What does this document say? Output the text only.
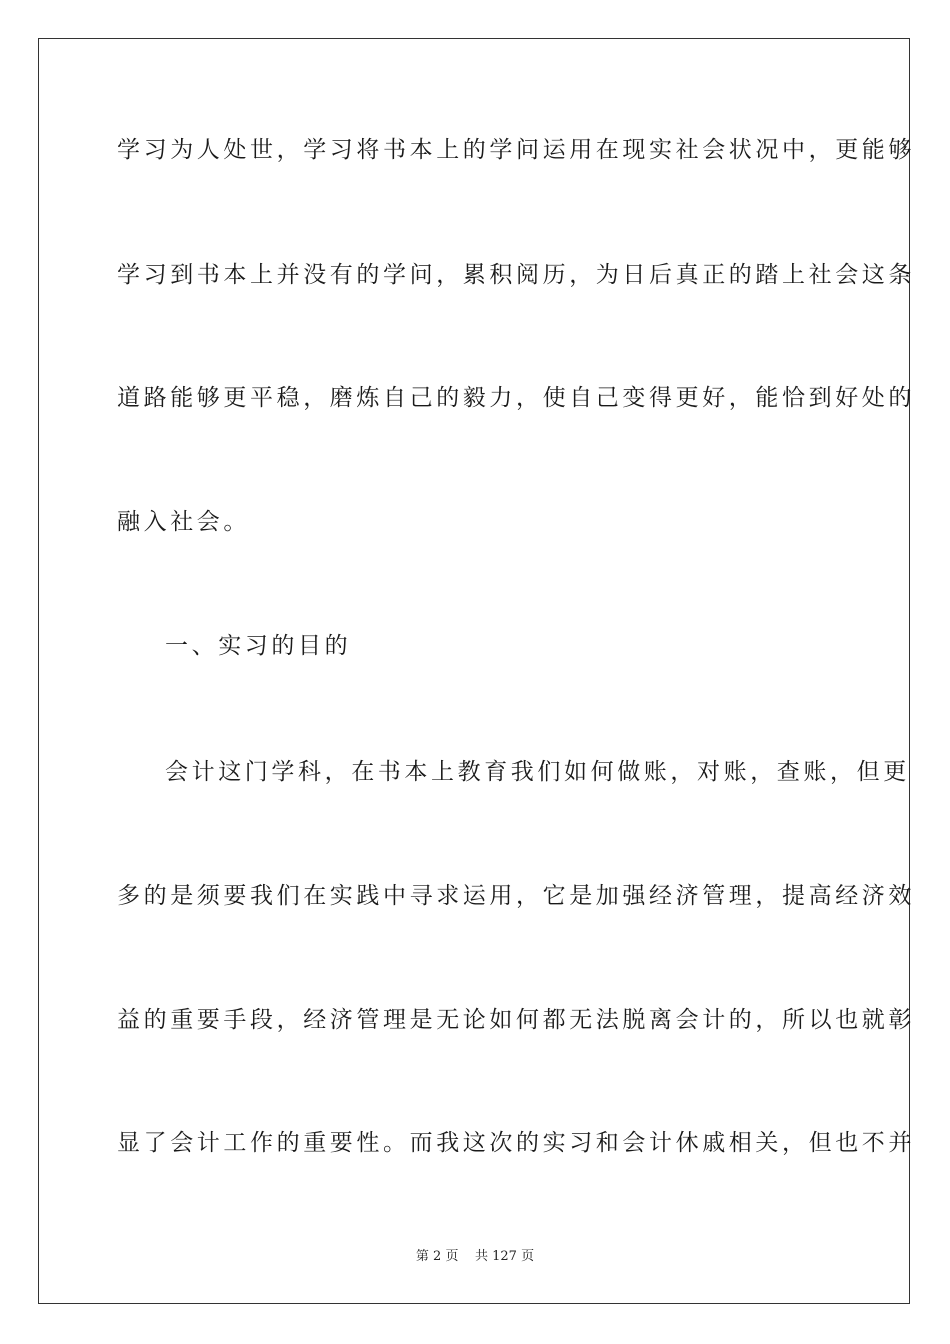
学习为人处世，学习将书本上的学问运用在现实社会状况中，更能够
学习到书本上并没有的学问，累积阅历，为日后真正的踏上社会这条
道路能够更平稳，磨炼自己的毅力，使自己变得更好，能恰到好处的
融入社会。
一、实习的目的
会计这门学科，在书本上教育我们如何做账，对账，查账，但更
多的是须要我们在实践中寻求运用，它是加强经济管理，提高经济效
益的重要手段，经济管理是无论如何都无法脱离会计的，所以也就彰
显了会计工作的重要性。而我这次的实习和会计休戚相关，但也不并
第 2 页    共 127 页
